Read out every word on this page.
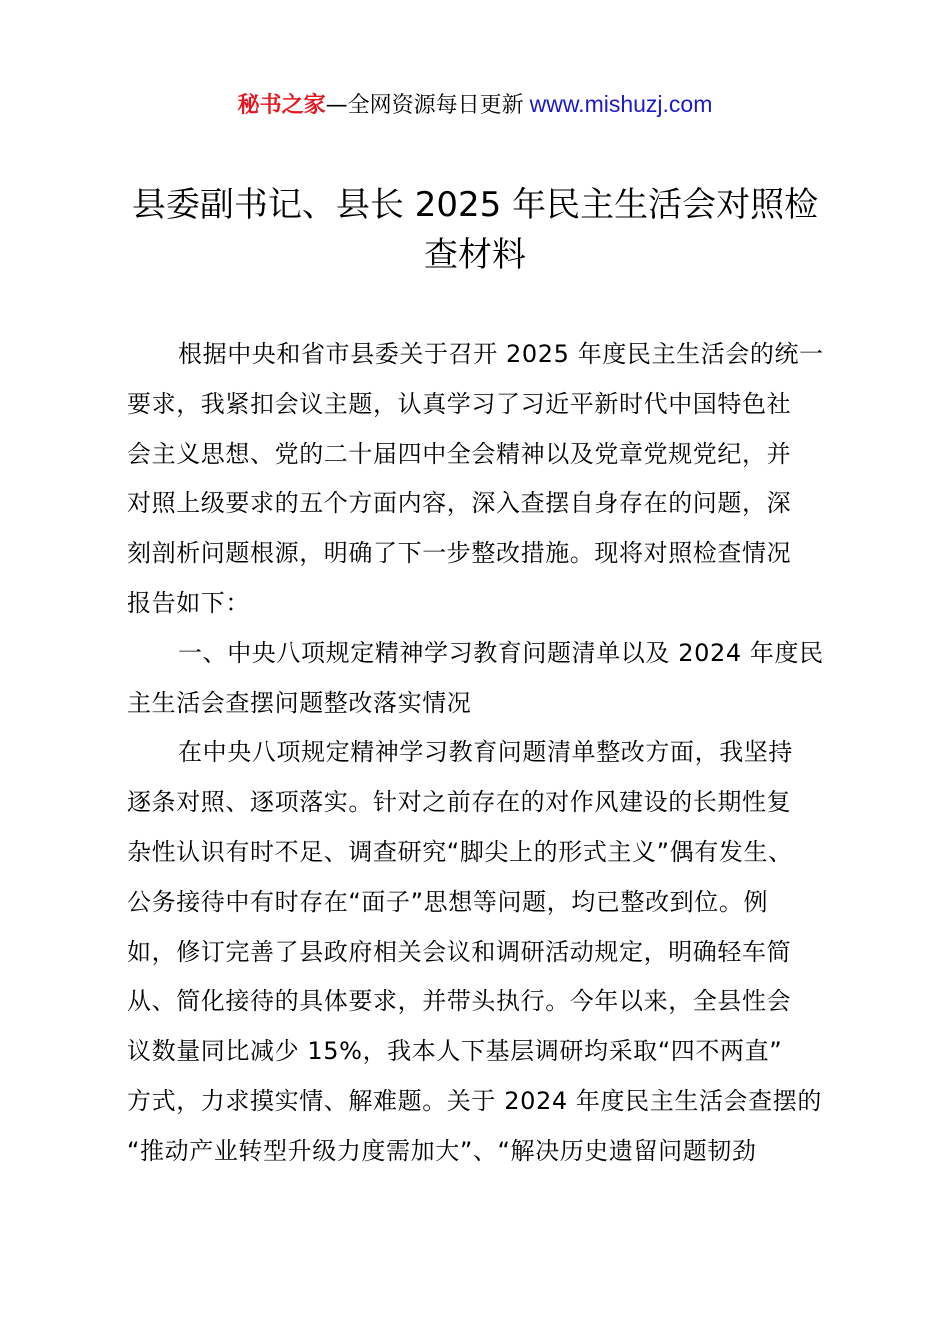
秘书之家—全网资源每日更新 www.mishuzj.com
县委副书记、县长 2025 年民主生活会对照检
查材料
根据中央和省市县委关于召开 2025 年度民主生活会的统一
要求，我紧扣会议主题，认真学习了习近平新时代中国特色社
会主义思想、党的二十届四中全会精神以及党章党规党纪，并
对照上级要求的五个方面内容，深入查摆自身存在的问题，深
刻剖析问题根源，明确了下一步整改措施。现将对照检查情况
报告如下：
一、中央八项规定精神学习教育问题清单以及 2024 年度民
主生活会查摆问题整改落实情况
在中央八项规定精神学习教育问题清单整改方面，我坚持
逐条对照、逐项落实。针对之前存在的对作风建设的长期性复
杂性认识有时不足、调查研究“脚尖上的形式主义”偶有发生、
公务接待中有时存在“面子”思想等问题，均已整改到位。例
如，修订完善了县政府相关会议和调研活动规定，明确轻车简
从、简化接待的具体要求，并带头执行。今年以来，全县性会
议数量同比减少 15%，我本人下基层调研均采取“四不两直”
方式，力求摸实情、解难题。关于 2024 年度民主生活会查摆的
“推动产业转型升级力度需加大”、“解决历史遗留问题韧劲
